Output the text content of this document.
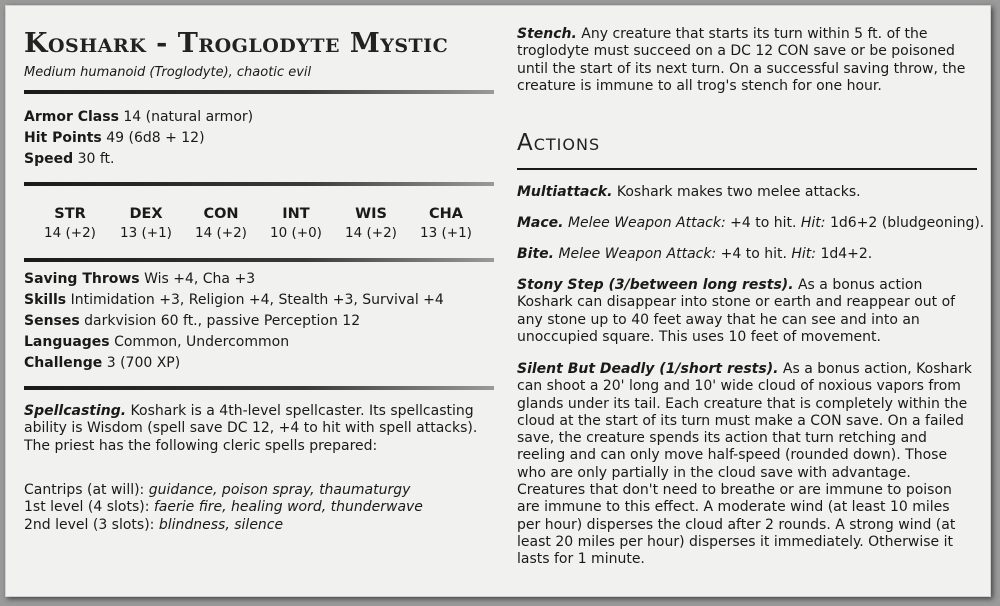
Koshark - Troglodyte Mystic
Medium humanoid (Troglodyte), chaotic evil
Armor Class 14 (natural armor)
Hit Points 49 (6d8 + 12)
Speed 30 ft.
STR
14 (+2)
DEX
13 (+1)
CON
14 (+2)
INT
10 (+0)
WIS
14 (+2)
CHA
13 (+1)
Saving Throws Wis +4, Cha +3
Skills Intimidation +3, Religion +4, Stealth +3, Survival +4
Senses darkvision 60 ft., passive Perception 12
Languages Common, Undercommon
Challenge 3 (700 XP)

Spellcasting. Koshark is a 4th-level spellcaster. Its spellcasting ability is Wisdom (spell save DC 12, +4 to hit with spell attacks). The priest has the following cleric spells prepared:

Cantrips (at will): guidance, poison spray, thaumaturgy
1st level (4 slots): faerie fire, healing word, thunderwave
2nd level (3 slots): blindness, silence

Stench. Any creature that starts its turn within 5 ft. of the troglodyte must succeed on a DC 12 CON save or be poisoned until the start of its next turn. On a successful saving throw, the creature is immune to all trog's stench for one hour.

Actions

Multiattack. Koshark makes two melee attacks.

Mace. Melee Weapon Attack: +4 to hit. Hit: 1d6+2 (bludgeoning).

Bite. Melee Weapon Attack: +4 to hit. Hit: 1d4+2.

Stony Step (3/between long rests). As a bonus action Koshark can disappear into stone or earth and reappear out of any stone up to 40 feet away that he can see and into an unoccupied square. This uses 10 feet of movement.

Silent But Deadly (1/short rests). As a bonus action, Koshark can shoot a 20' long and 10' wide cloud of noxious vapors from glands under its tail. Each creature that is completely within the cloud at the start of its turn must make a CON save. On a failed save, the creature spends its action that turn retching and reeling and can only move half-speed (rounded down). Those who are only partially in the cloud save with advantage. Creatures that don't need to breathe or are immune to poison are immune to this effect. A moderate wind (at least 10 miles per hour) disperses the cloud after 2 rounds. A strong wind (at least 20 miles per hour) disperses it immediately. Otherwise it lasts for 1 minute.
